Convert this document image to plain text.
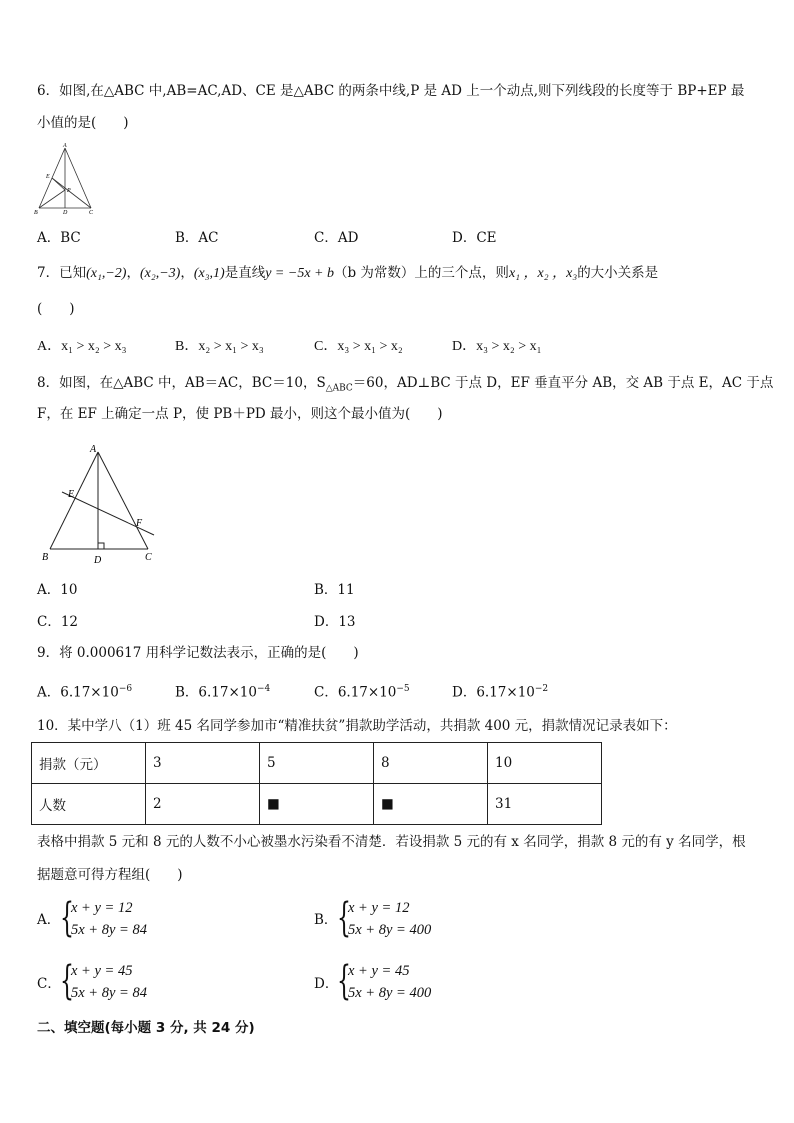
6．如图,在△ABC 中,AB=AC,AD、CE 是△ABC 的两条中线,P 是 AD 上一个动点,则下列线段的长度等于 BP+EP 最
小值的是(　　)
A
E
P
B	D	C
A．BC	B．AC	C．AD	D．CE
7．已知(x₁,−2)，(x₂,−3)，(x₃,1)是直线y = −5x + b（b 为常数）上的三个点，则x₁ ，x₂ ，x₃的大小关系是
(　　)
A．x₁ > x₂ > x₃	B．x₂ > x₁ > x₃	C．x₃ > x₁ > x₂	D．x₃ > x₂ > x₁
8．如图，在△ABC 中，AB＝AC，BC＝10，$S_{\triangle ABC}=60$，AD⊥BC 于点 D，EF 垂直平分 AB，交 AB 于点 E，AC 于点
F，在 EF 上确定一点 P，使 PB＋PD 最小，则这个最小值为(　　)
A
E
F
B	D	C
A．10	B．11
C．12	D．13
9．将 0.000617 用科学记数法表示，正确的是(　　)
A．$6.17\times 10^{-6}$	B．$6.17\times 10^{-4}$	C．$6.17\times 10^{-5}$	D．$6.17\times 10^{-2}$
10．某中学八（1）班 45 名同学参加市“精准扶贫”捐款助学活动，共捐款 400 元，捐款情况记录表如下：
捐款（元）	3	5	8	10
人数	2	■	■	31
表格中捐款 5 元和 8 元的人数不小心被墨水污染看不清楚．若设捐款 5 元的有 x 名同学，捐款 8 元的有 y 名同学，根
据题意可得方程组(　　)
A． {
x + y = 12
5x + 8y = 84
B． {
x + y = 12
5x + 8y = 400
C． {
x + y = 45
5x + 8y = 84
D．
{
x + y = 45
5x + 8y = 400
二、填空题(每小题 3 分, 共 24 分)
